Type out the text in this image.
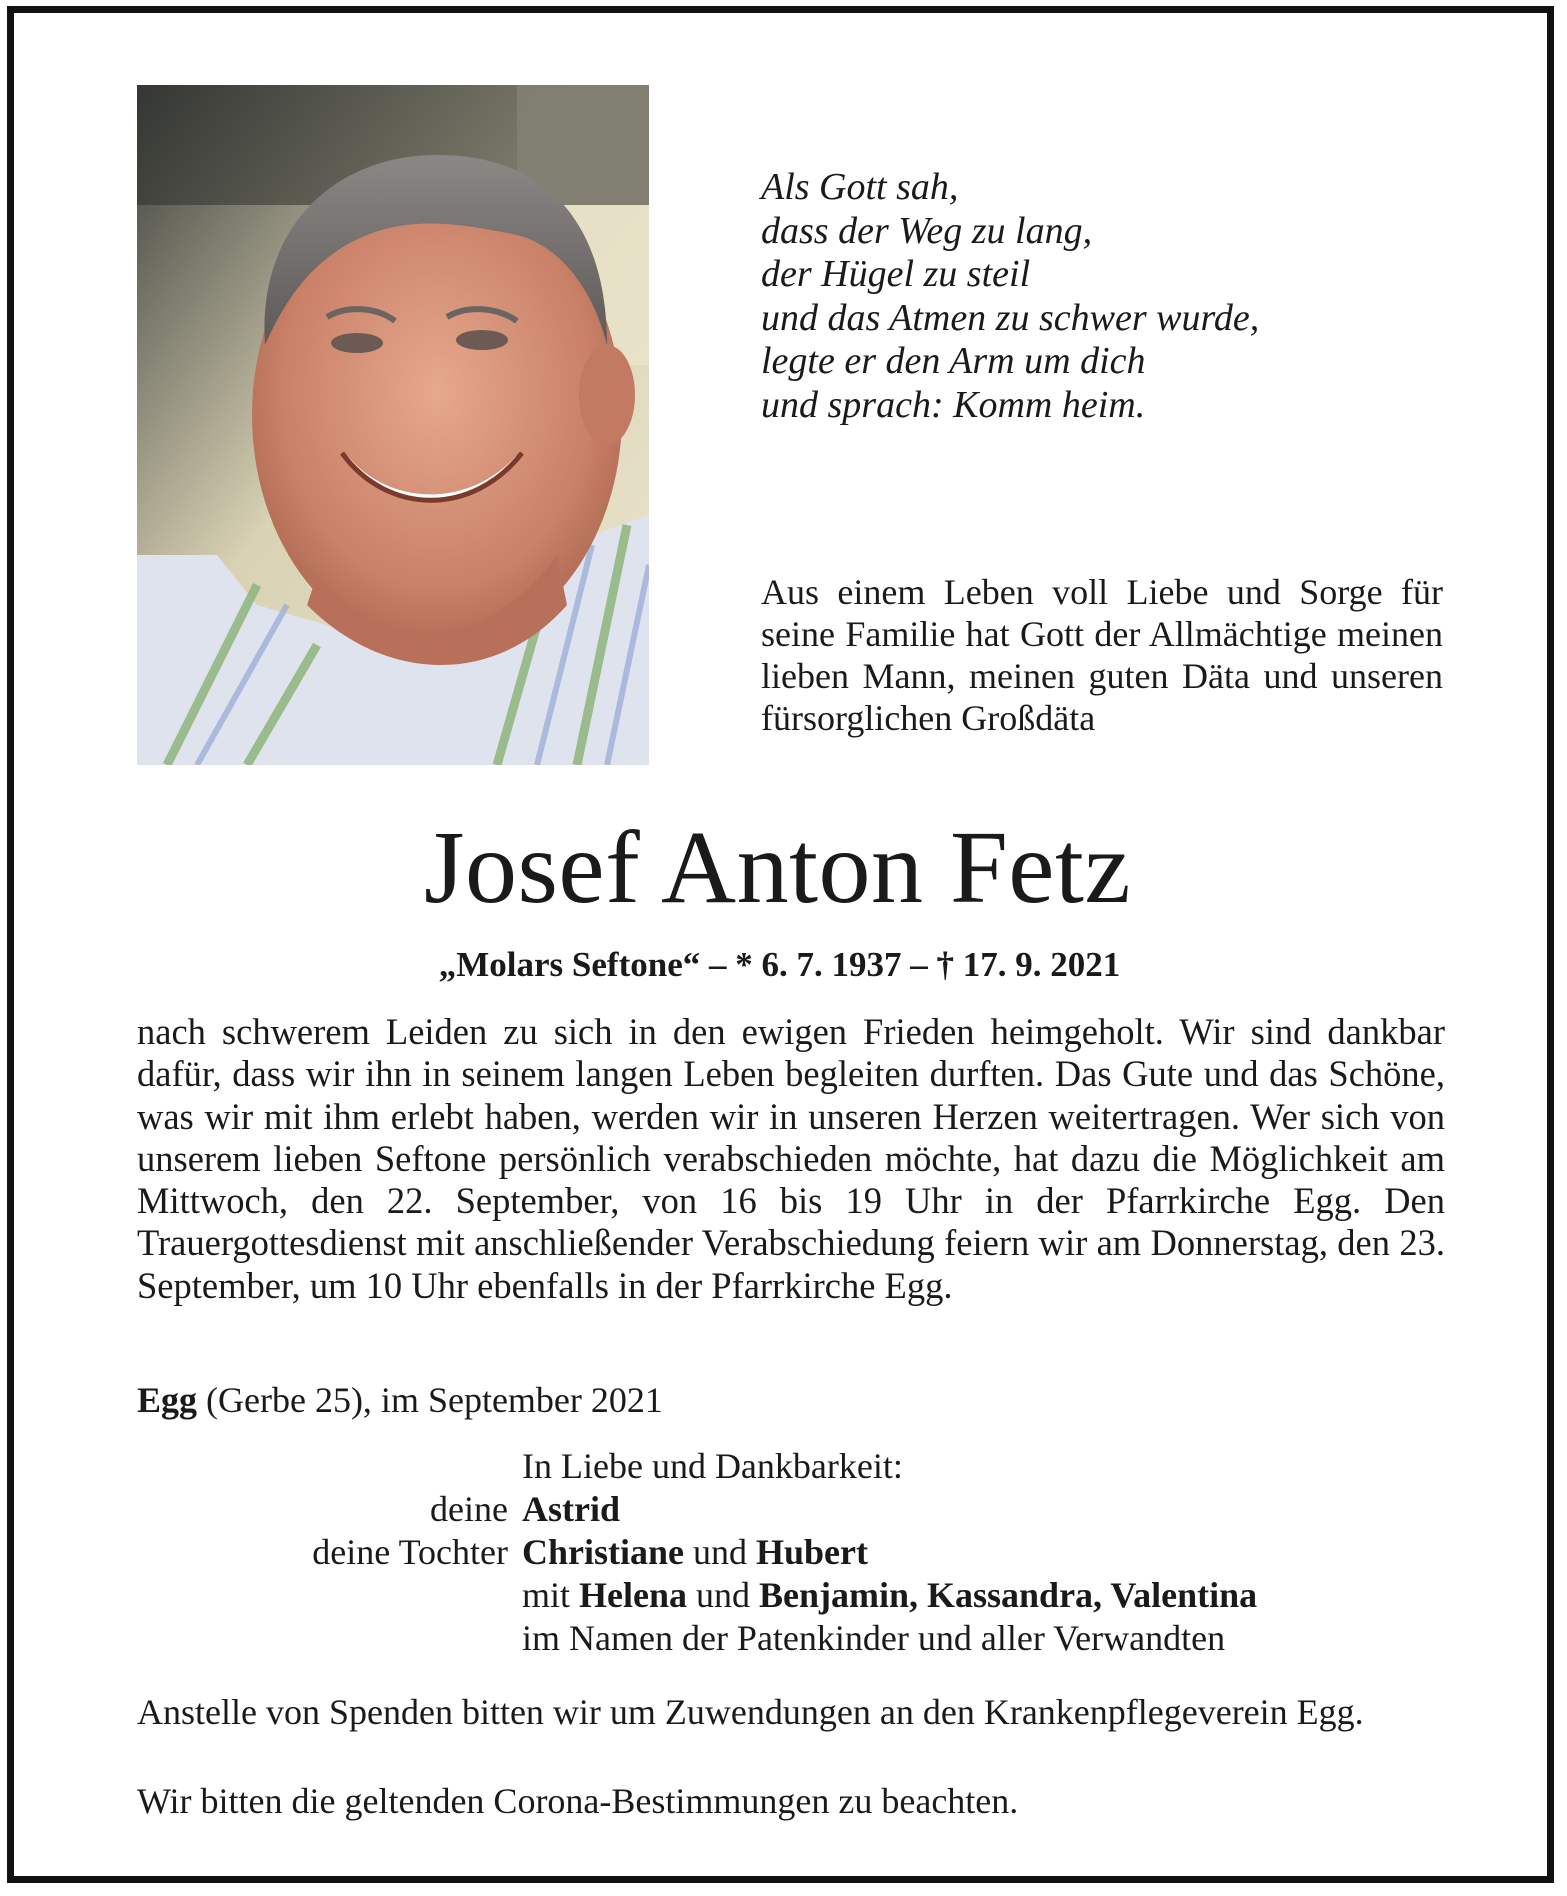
Als Gott sah,
dass der Weg zu lang,
der Hügel zu steil
und das Atmen zu schwer wurde,
legte er den Arm um dich
und sprach: Komm heim.

Aus einem Leben voll Liebe und Sorge für seine Familie hat Gott der Allmächtige meinen lieben Mann, meinen guten Däta und unseren fürsorglichen Großdäta

Josef Anton Fetz
„Molars Seftone“ – * 6. 7. 1937 – † 17. 9. 2021

nach schwerem Leiden zu sich in den ewigen Frieden heimgeholt. Wir sind dankbar dafür, dass wir ihn in seinem langen Leben begleiten durften. Das Gute und das Schöne, was wir mit ihm erlebt haben, werden wir in unseren Herzen weitertragen. Wer sich von unserem lieben Seftone persönlich verabschieden möchte, hat dazu die Möglichkeit am Mittwoch, den 22. September, von 16 bis 19 Uhr in der Pfarrkirche Egg. Den Trauergottesdienst mit anschließender Verabschiedung feiern wir am Donnerstag, den 23. September, um 10 Uhr ebenfalls in der Pfarrkirche Egg.

Egg (Gerbe 25), im September 2021
In Liebe und Dankbarkeit:
deine Astrid
deine Tochter Christiane und Hubert
mit Helena und Benjamin, Kassandra, Valentina
im Namen der Patenkinder und aller Verwandten

Anstelle von Spenden bitten wir um Zuwendungen an den Krankenpflegeverein Egg.

Wir bitten die geltenden Corona-Bestimmungen zu beachten.
